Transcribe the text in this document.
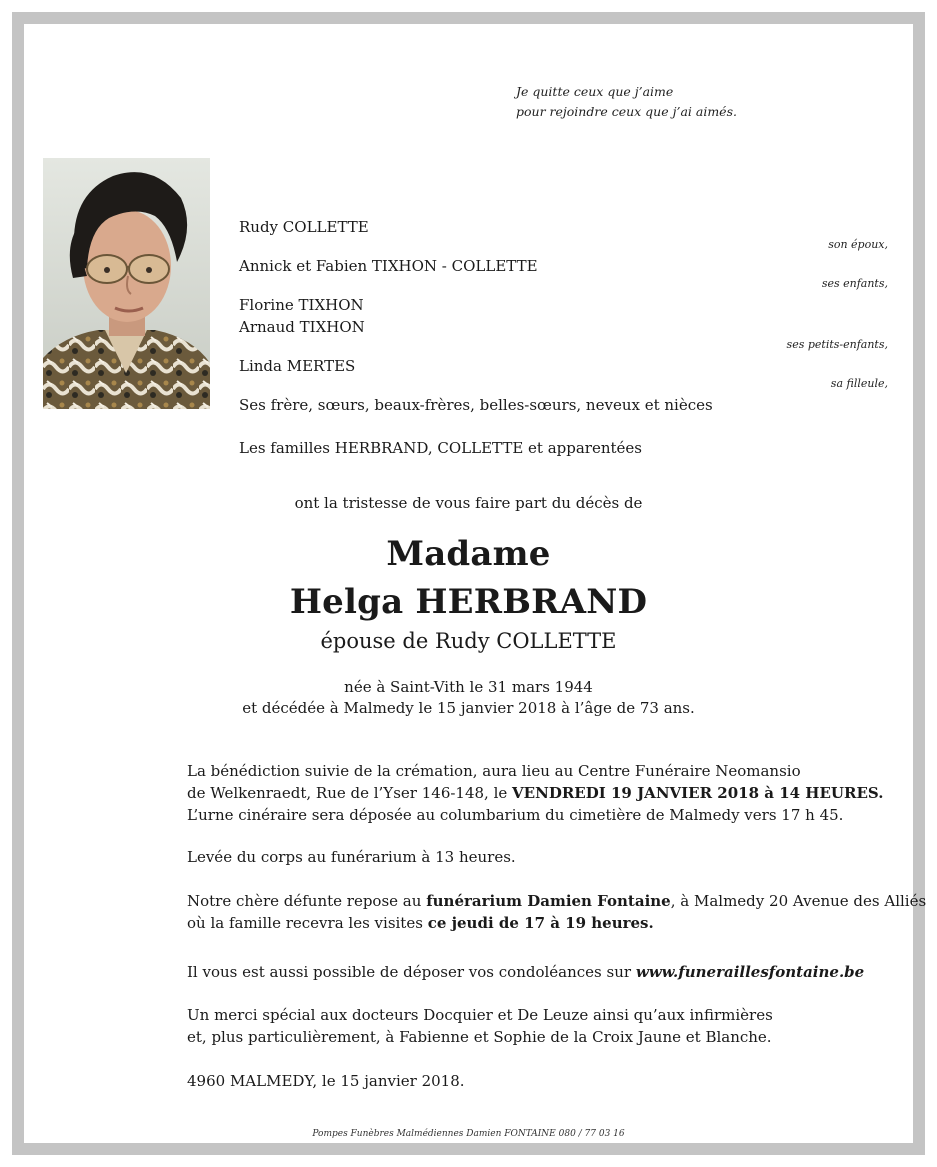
Je quitte ceux que j’aime
pour rejoindre ceux que j’ai aimés.
Rudy COLLETTE
son époux,
Annick et Fabien TIXHON - COLLETTE
ses enfants,
Florine TIXHON
Arnaud TIXHON
ses petits-enfants,
Linda MERTES
sa filleule,
Ses frère, sœurs, beaux-frères, belles-sœurs, neveux et nièces
Les familles HERBRAND, COLLETTE et apparentées
ont la tristesse de vous faire part du décès de
Madame
Helga HERBRAND
épouse de Rudy COLLETTE
née à Saint-Vith le 31 mars 1944
et décédée à Malmedy le 15 janvier 2018 à l’âge de 73 ans.
La bénédiction suivie de la crémation, aura lieu au Centre Funéraire Neomansio
de Welkenraedt, Rue de l’Yser 146-148, le VENDREDI 19 JANVIER 2018 à 14 HEURES.
L’urne cinéraire sera déposée au columbarium du cimetière de Malmedy vers 17 h 45.
Levée du corps au funérarium à 13 heures.
Notre chère défunte repose au funérarium Damien Fontaine, à Malmedy 20 Avenue des Alliés
où la famille recevra les visites ce jeudi de 17 à 19 heures.
Il vous est aussi possible de déposer vos condoléances sur www.funeraillesfontaine.be
Un merci spécial aux docteurs Docquier et De Leuze ainsi qu’aux infirmières
et, plus particulièrement, à Fabienne et Sophie de la Croix Jaune et Blanche.
4960 MALMEDY, le 15 janvier 2018.
Pompes Funèbres Malmédiennes Damien FONTAINE 080 / 77 03 16
